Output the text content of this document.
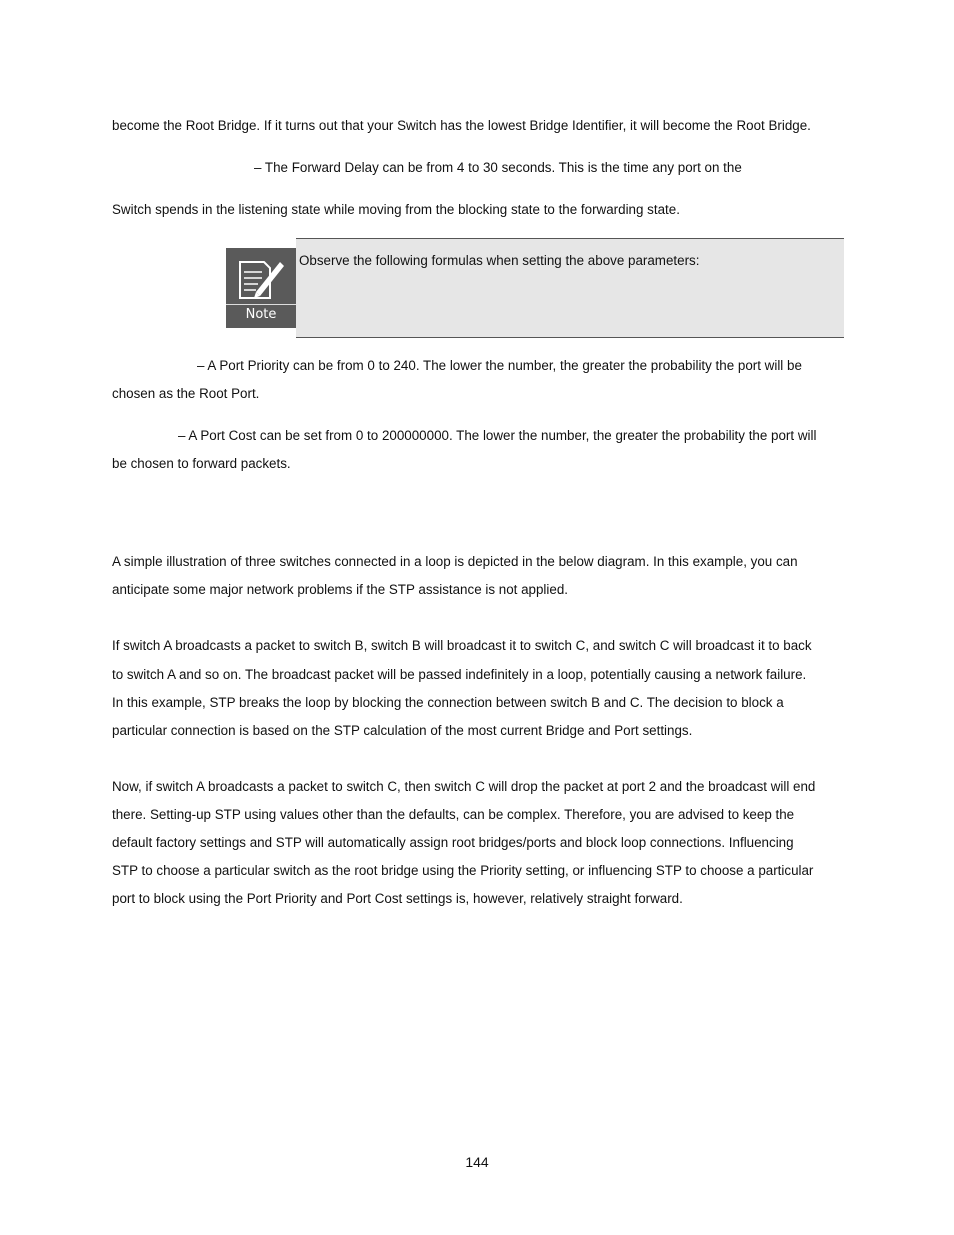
become the Root Bridge. If it turns out that your Switch has the lowest Bridge Identifier, it will become the Root Bridge.
– The Forward Delay can be from 4 to 30 seconds. This is the time any port on the
Switch spends in the listening state while moving from the blocking state to the forwarding state.
Note
Observe the following formulas when setting the above parameters:
– A Port Priority can be from 0 to 240. The lower the number, the greater the probability the port will be
chosen as the Root Port.
– A Port Cost can be set from 0 to 200000000. The lower the number, the greater the probability the port will
be chosen to forward packets.
A simple illustration of three switches connected in a loop is depicted in the below diagram. In this example, you can
anticipate some major network problems if the STP assistance is not applied.
If switch A broadcasts a packet to switch B, switch B will broadcast it to switch C, and switch C will broadcast it to back
to switch A and so on. The broadcast packet will be passed indefinitely in a loop, potentially causing a network failure.
In this example, STP breaks the loop by blocking the connection between switch B and C. The decision to block a
particular connection is based on the STP calculation of the most current Bridge and Port settings.
Now, if switch A broadcasts a packet to switch C, then switch C will drop the packet at port 2 and the broadcast will end
there. Setting-up STP using values other than the defaults, can be complex. Therefore, you are advised to keep the
default factory settings and STP will automatically assign root bridges/ports and block loop connections. Influencing
STP to choose a particular switch as the root bridge using the Priority setting, or influencing STP to choose a particular
port to block using the Port Priority and Port Cost settings is, however, relatively straight forward.
144
